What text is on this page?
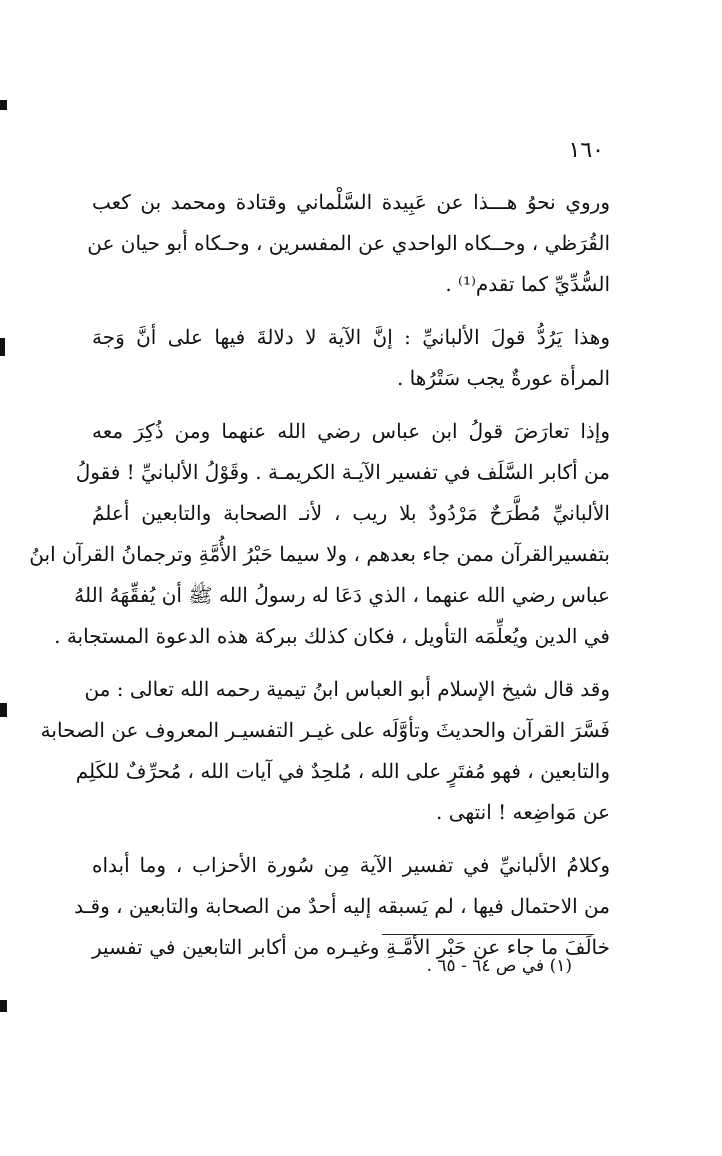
١٦٠
وروي نحوُ هـــذا عن عَبِيدة السَّلْماني وقتادة ومحمد بن كعب
القُرَظي ، وحــكاه الواحدي عن المفسرين ، وحـكاه أبو حيان عن
السُّدِّيِّ كما تقدم⁽¹⁾ .
وهذا يَرُدُّ قولَ الألبانيِّ : إنَّ الآية لا دلالةَ فيها على أنَّ وَجهَ
المرأة عورةٌ يجب سَتْرُها .
وإذا تعارَضَ قولُ ابن عباس رضي الله عنهما ومن ذُكِرَ معه
من أكابر السَّلَف في تفسير الآيـة الكريمـة . وقَوْلُ الألبانيِّ ! فقولُ
الألبانيِّ مُطَّرَحٌ مَرْدُودٌ بلا ريب ، لأنـ الصحابة والتابعين أعلمُ
بتفسيرالقرآن ممن جاء بعدهم ، ولا سيما حَبْرُ الأُمَّةِ وترجمانُ القرآن ابنُ
عباس رضي الله عنهما ، الذي دَعَا له رسولُ الله ﷺ أن يُفقِّهَهُ اللهُ
في الدين ويُعلِّمَه التأويل ، فكان كذلك ببركة هذه الدعوة المستجابة .
وقد قال شيخ الإسلام أبو العباس ابنُ تيمية رحمه الله تعالى : من
فَسَّرَ القرآن والحديثَ وتأوَّلَه على غيـر التفسيـر المعروف عن الصحابة
والتابعين ، فهو مُفتَرٍ على الله ، مُلحِدٌ في آيات الله ، مُحرِّفٌ للكَلِم
عن مَواضِعه ! انتهى .
وكلامُ الألبانيِّ في تفسير الآية مِن سُورة الأحزاب ، وما أبداه
من الاحتمال فيها ، لم يَسبقه إليه أحدٌ من الصحابة والتابعين ، وقـد
خالَفَ ما جاء عن حَبْر الأمَّـةِ وغيـره من أكابر التابعين في تفسير
(١) في ص ٦٤ - ٦٥ .
